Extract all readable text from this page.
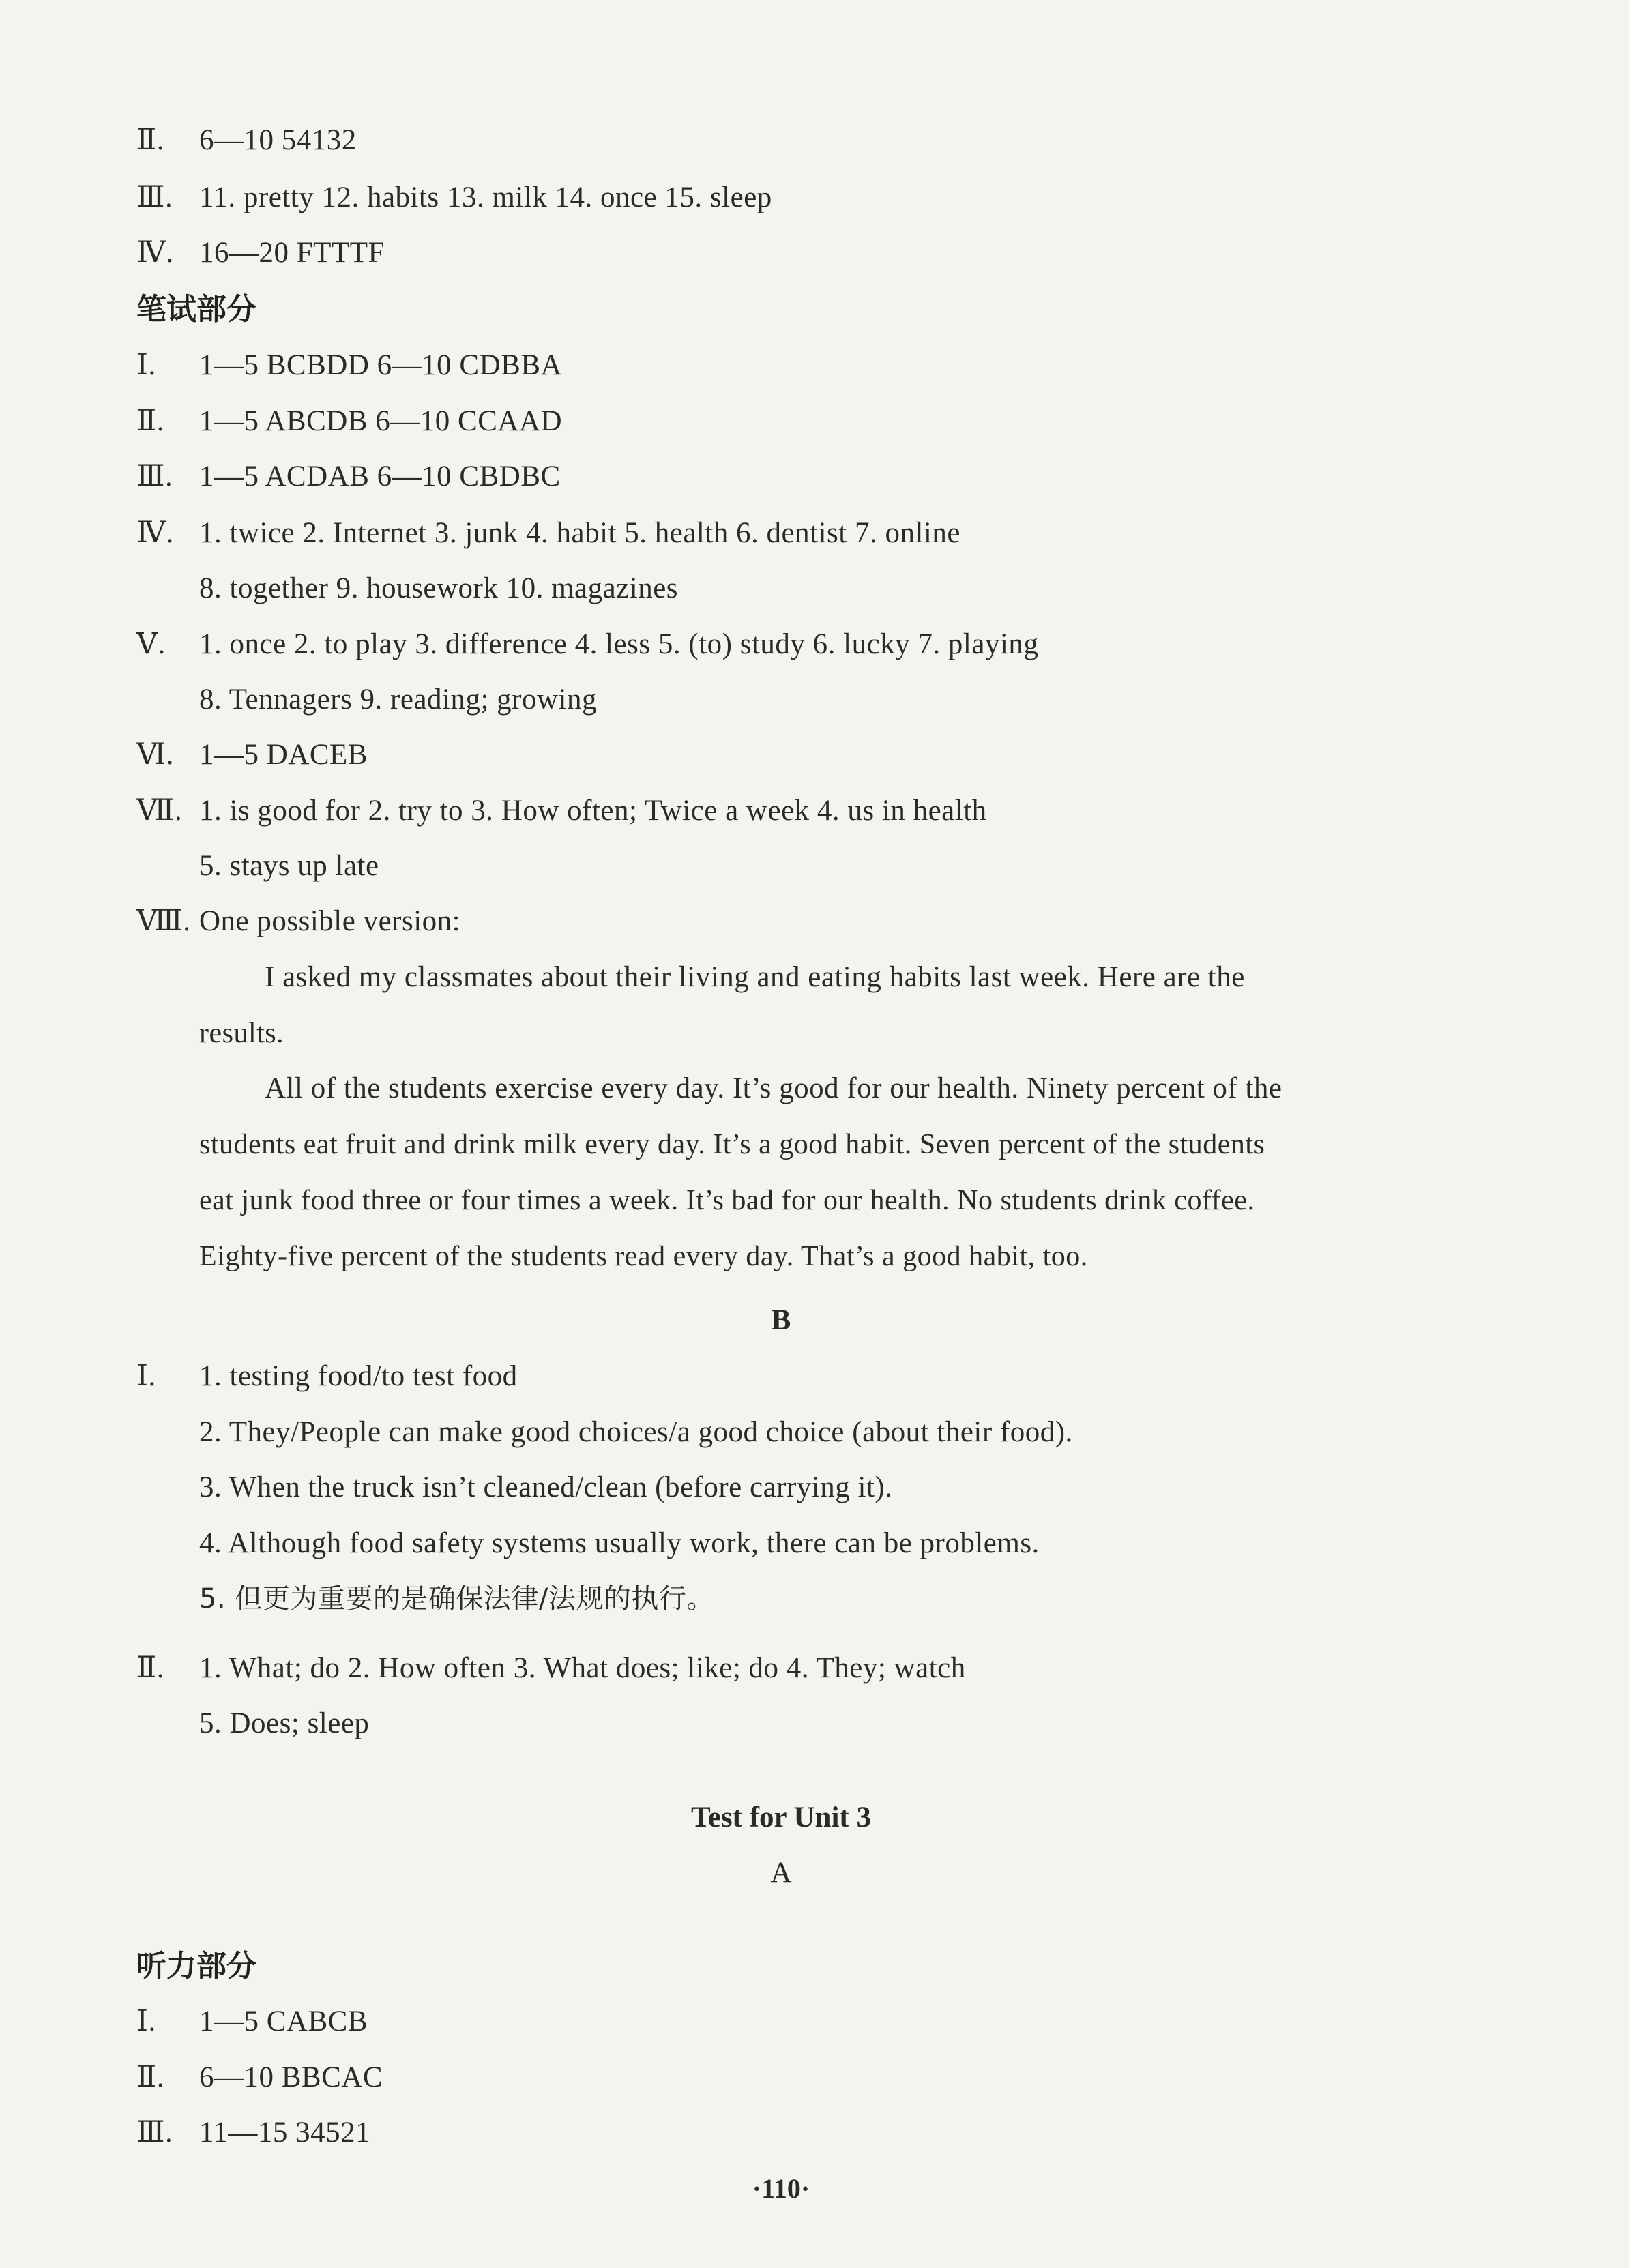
Ⅱ. 6—10 54132
Ⅲ. 11. pretty 12. habits 13. milk 14. once 15. sleep
Ⅳ. 16—20 FTTTF
笔试部分
Ⅰ. 1—5 BCBDD 6—10 CDBBA
Ⅱ. 1—5 ABCDB 6—10 CCAAD
Ⅲ. 1—5 ACDAB 6—10 CBDBC
Ⅳ. 1. twice 2. Internet 3. junk 4. habit 5. health 6. dentist 7. online
8. together 9. housework 10. magazines
Ⅴ. 1. once 2. to play 3. difference 4. less 5. (to) study 6. lucky 7. playing
8. Tennagers 9. reading; growing
Ⅵ. 1—5 DACEB
Ⅶ. 1. is good for 2. try to 3. How often; Twice a week 4. us in health
5. stays up late
Ⅷ. One possible version:
I asked my classmates about their living and eating habits last week. Here are the
results.
All of the students exercise every day. It’s good for our health. Ninety percent of the
students eat fruit and drink milk every day. It’s a good habit. Seven percent of the students
eat junk food three or four times a week. It’s bad for our health. No students drink coffee.
Eighty-five percent of the students read every day. That’s a good habit, too.
B
Ⅰ. 1. testing food/to test food
2. They/People can make good choices/a good choice (about their food).
3. When the truck isn’t cleaned/clean (before carrying it).
4. Although food safety systems usually work, there can be problems.
5. 但更为重要的是确保法律/法规的执行。
Ⅱ. 1. What; do 2. How often 3. What does; like; do 4. They; watch
5. Does; sleep
Test for Unit 3
A
听力部分
Ⅰ. 1—5 CABCB
Ⅱ. 6—10 BBCAC
Ⅲ. 11—15 34521
·110·
